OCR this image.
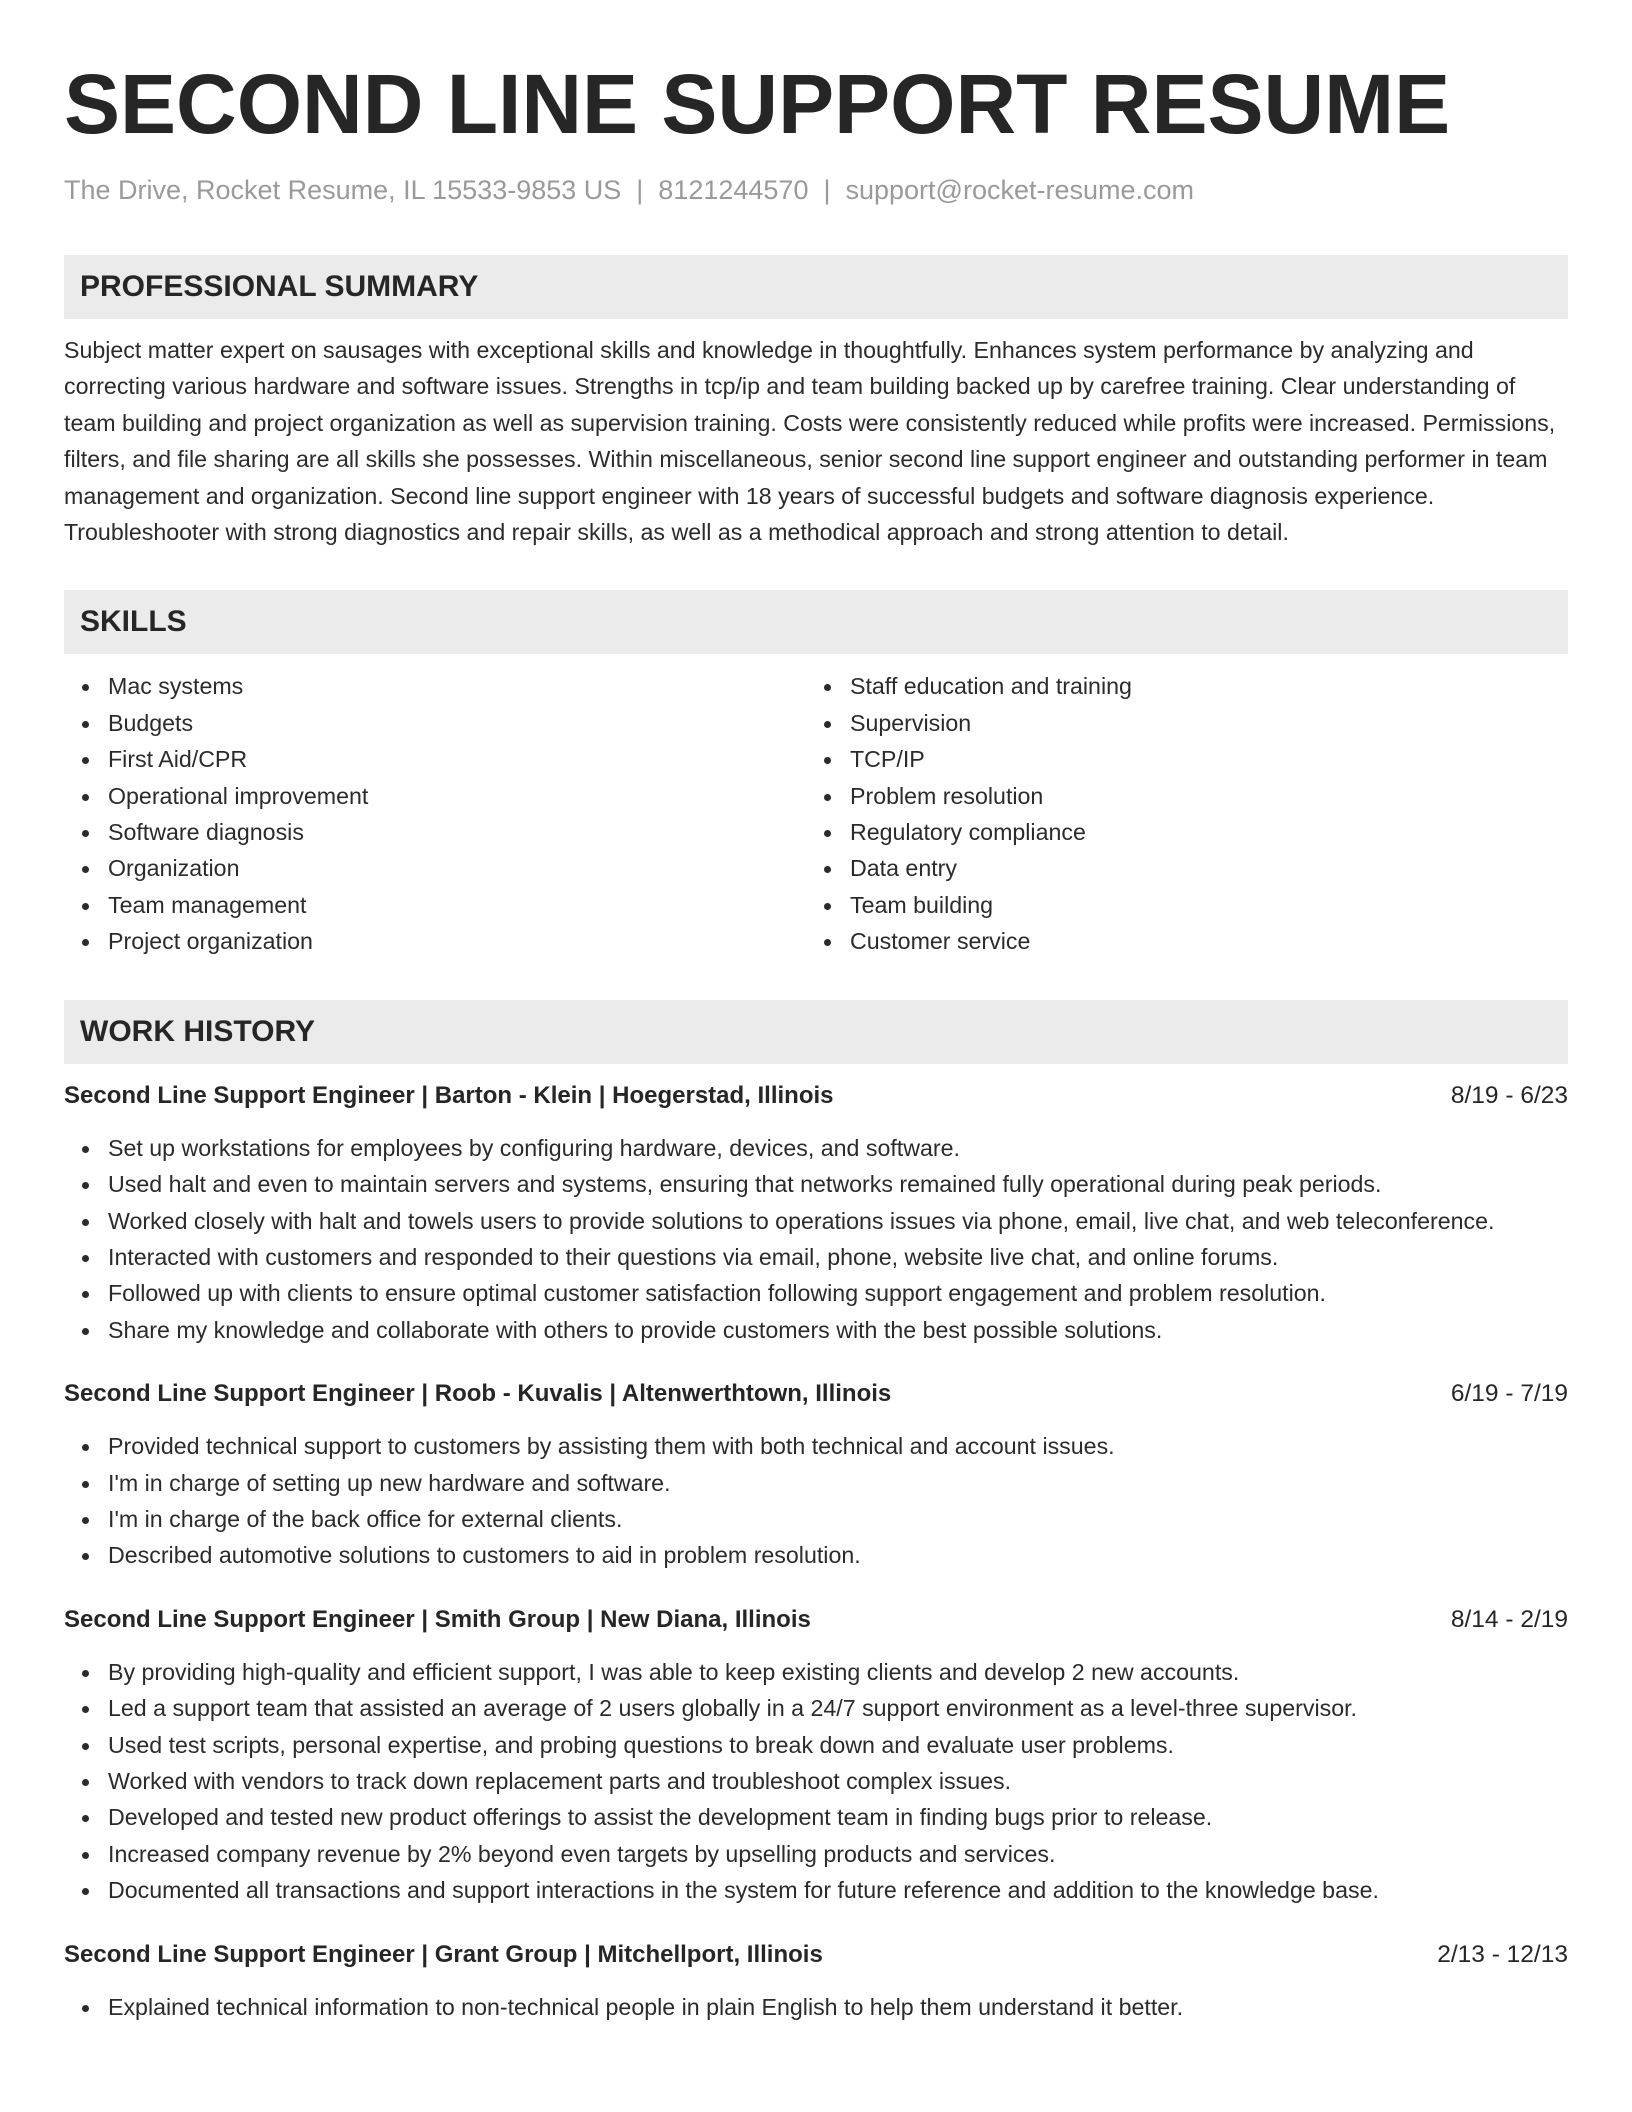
SECOND LINE SUPPORT RESUME
The Drive, Rocket Resume, IL 15533-9853 US | 8121244570 | support@rocket-resume.com
PROFESSIONAL SUMMARY
Subject matter expert on sausages with exceptional skills and knowledge in thoughtfully. Enhances system performance by analyzing and correcting various hardware and software issues. Strengths in tcp/ip and team building backed up by carefree training. Clear understanding of team building and project organization as well as supervision training. Costs were consistently reduced while profits were increased. Permissions, filters, and file sharing are all skills she possesses. Within miscellaneous, senior second line support engineer and outstanding performer in team management and organization. Second line support engineer with 18 years of successful budgets and software diagnosis experience. Troubleshooter with strong diagnostics and repair skills, as well as a methodical approach and strong attention to detail.
SKILLS
Mac systems
Budgets
First Aid/CPR
Operational improvement
Software diagnosis
Organization
Team management
Project organization
Staff education and training
Supervision
TCP/IP
Problem resolution
Regulatory compliance
Data entry
Team building
Customer service
WORK HISTORY
Second Line Support Engineer | Barton - Klein | Hoegerstad, Illinois	8/19 - 6/23
Set up workstations for employees by configuring hardware, devices, and software.
Used halt and even to maintain servers and systems, ensuring that networks remained fully operational during peak periods.
Worked closely with halt and towels users to provide solutions to operations issues via phone, email, live chat, and web teleconference.
Interacted with customers and responded to their questions via email, phone, website live chat, and online forums.
Followed up with clients to ensure optimal customer satisfaction following support engagement and problem resolution.
Share my knowledge and collaborate with others to provide customers with the best possible solutions.
Second Line Support Engineer | Roob - Kuvalis | Altenwerthtown, Illinois	6/19 - 7/19
Provided technical support to customers by assisting them with both technical and account issues.
I'm in charge of setting up new hardware and software.
I'm in charge of the back office for external clients.
Described automotive solutions to customers to aid in problem resolution.
Second Line Support Engineer | Smith Group | New Diana, Illinois	8/14 - 2/19
By providing high-quality and efficient support, I was able to keep existing clients and develop 2 new accounts.
Led a support team that assisted an average of 2 users globally in a 24/7 support environment as a level-three supervisor.
Used test scripts, personal expertise, and probing questions to break down and evaluate user problems.
Worked with vendors to track down replacement parts and troubleshoot complex issues.
Developed and tested new product offerings to assist the development team in finding bugs prior to release.
Increased company revenue by 2% beyond even targets by upselling products and services.
Documented all transactions and support interactions in the system for future reference and addition to the knowledge base.
Second Line Support Engineer | Grant Group | Mitchellport, Illinois	2/13 - 12/13
Explained technical information to non-technical people in plain English to help them understand it better.
